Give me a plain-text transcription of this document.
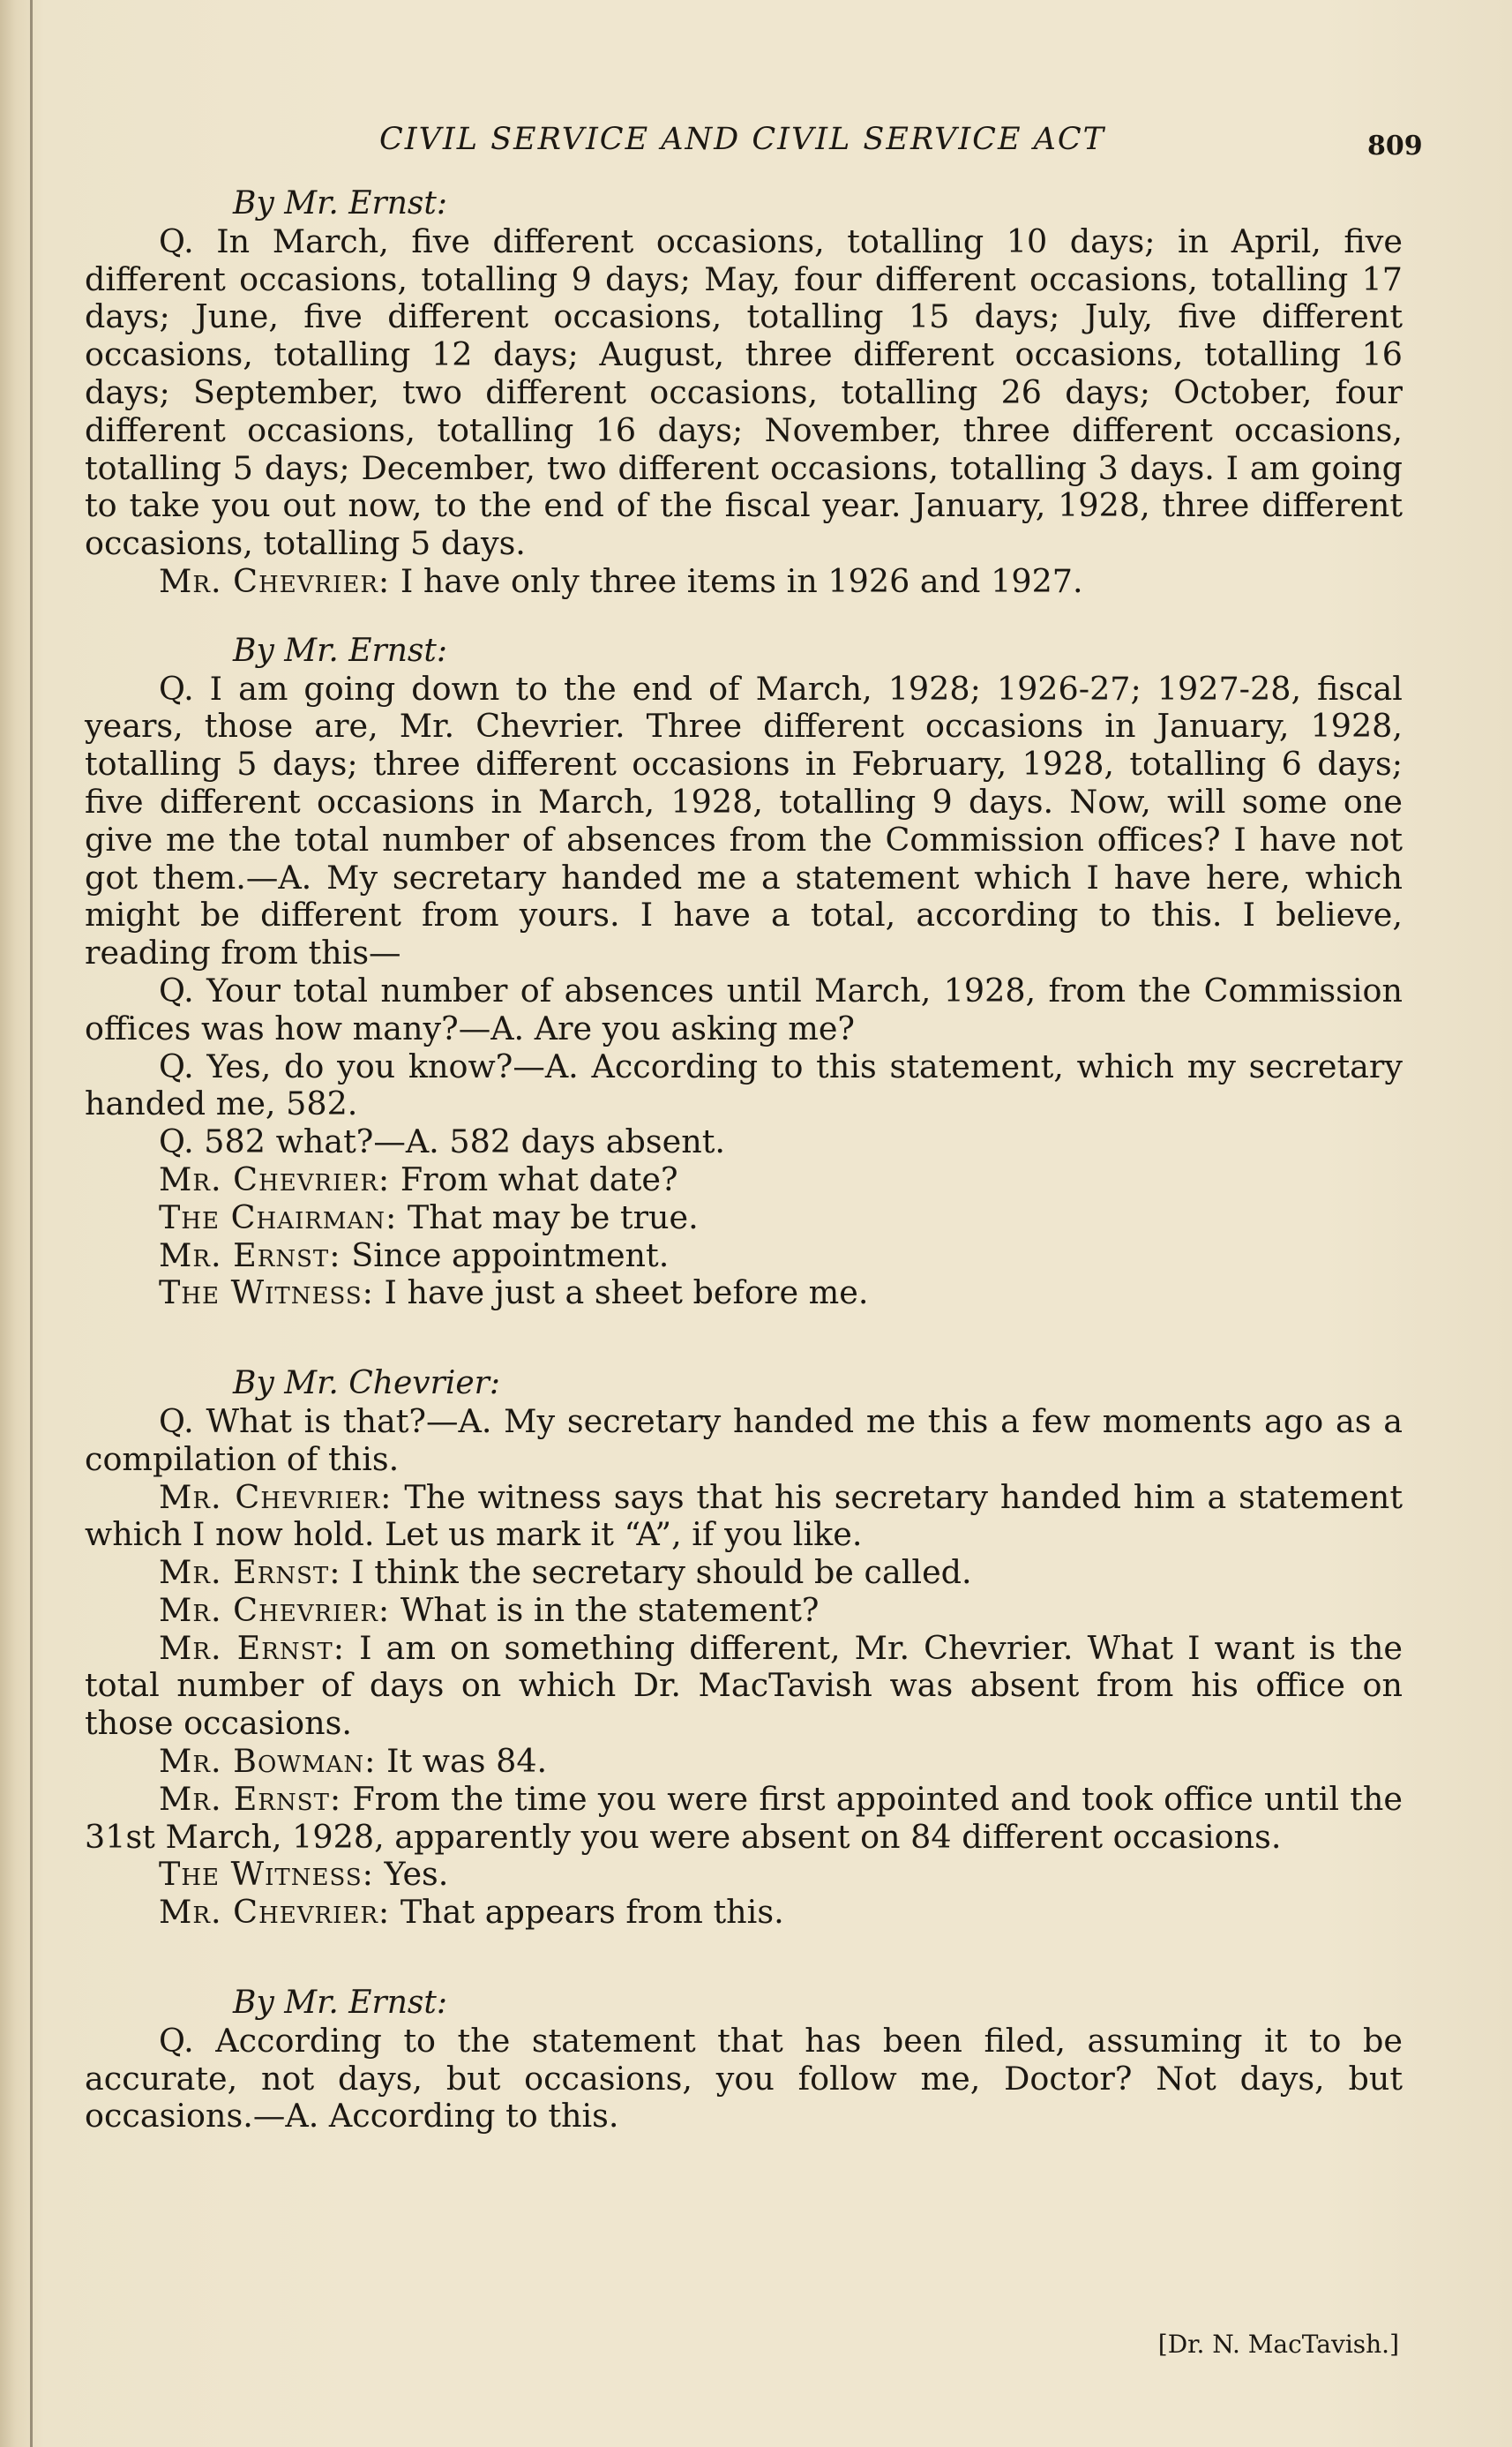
CIVIL SERVICE AND CIVIL SERVICE ACT	809
By Mr. Ernst:

Q. In March, five different occasions, totalling 10 days; in April, five different occasions, totalling 9 days; May, four different occasions, totalling 17 days; June, five different occasions, totalling 15 days; July, five different occasions, totalling 12 days; August, three different occasions, totalling 16 days; September, two different occasions, totalling 26 days; October, four different occasions, totalling 16 days; November, three different occasions, totalling 5 days; December, two different occasions, totalling 3 days. I am going to take you out now, to the end of the fiscal year. January, 1928, three different occasions, totalling 5 days.

Mr. Chevrier: I have only three items in 1926 and 1927.

By Mr. Ernst:

Q. I am going down to the end of March, 1928; 1926-27; 1927-28, fiscal years, those are, Mr. Chevrier. Three different occasions in January, 1928, totalling 5 days; three different occasions in February, 1928, totalling 6 days; five different occasions in March, 1928, totalling 9 days. Now, will some one give me the total number of absences from the Commission offices? I have not got them.—A. My secretary handed me a statement which I have here, which might be different from yours. I have a total, according to this. I believe, reading from this—

Q. Your total number of absences until March, 1928, from the Commission offices was how many?—A. Are you asking me?

Q. Yes, do you know?—A. According to this statement, which my secretary handed me, 582.

Q. 582 what?—A. 582 days absent.

Mr. Chevrier: From what date?

The Chairman: That may be true.

Mr. Ernst: Since appointment.

The Witness: I have just a sheet before me.

By Mr. Chevrier:

Q. What is that?—A. My secretary handed me this a few moments ago as a compilation of this.

Mr. Chevrier: The witness says that his secretary handed him a statement which I now hold. Let us mark it “A”, if you like.

Mr. Ernst: I think the secretary should be called.

Mr. Chevrier: What is in the statement?

Mr. Ernst: I am on something different, Mr. Chevrier. What I want is the total number of days on which Dr. MacTavish was absent from his office on those occasions.

Mr. Bowman: It was 84.

Mr. Ernst: From the time you were first appointed and took office until the 31st March, 1928, apparently you were absent on 84 different occasions.

The Witness: Yes.

Mr. Chevrier: That appears from this.

By Mr. Ernst:

Q. According to the statement that has been filed, assuming it to be accurate, not days, but occasions, you follow me, Doctor? Not days, but occasions.—A. According to this.

[Dr. N. MacTavish.]
